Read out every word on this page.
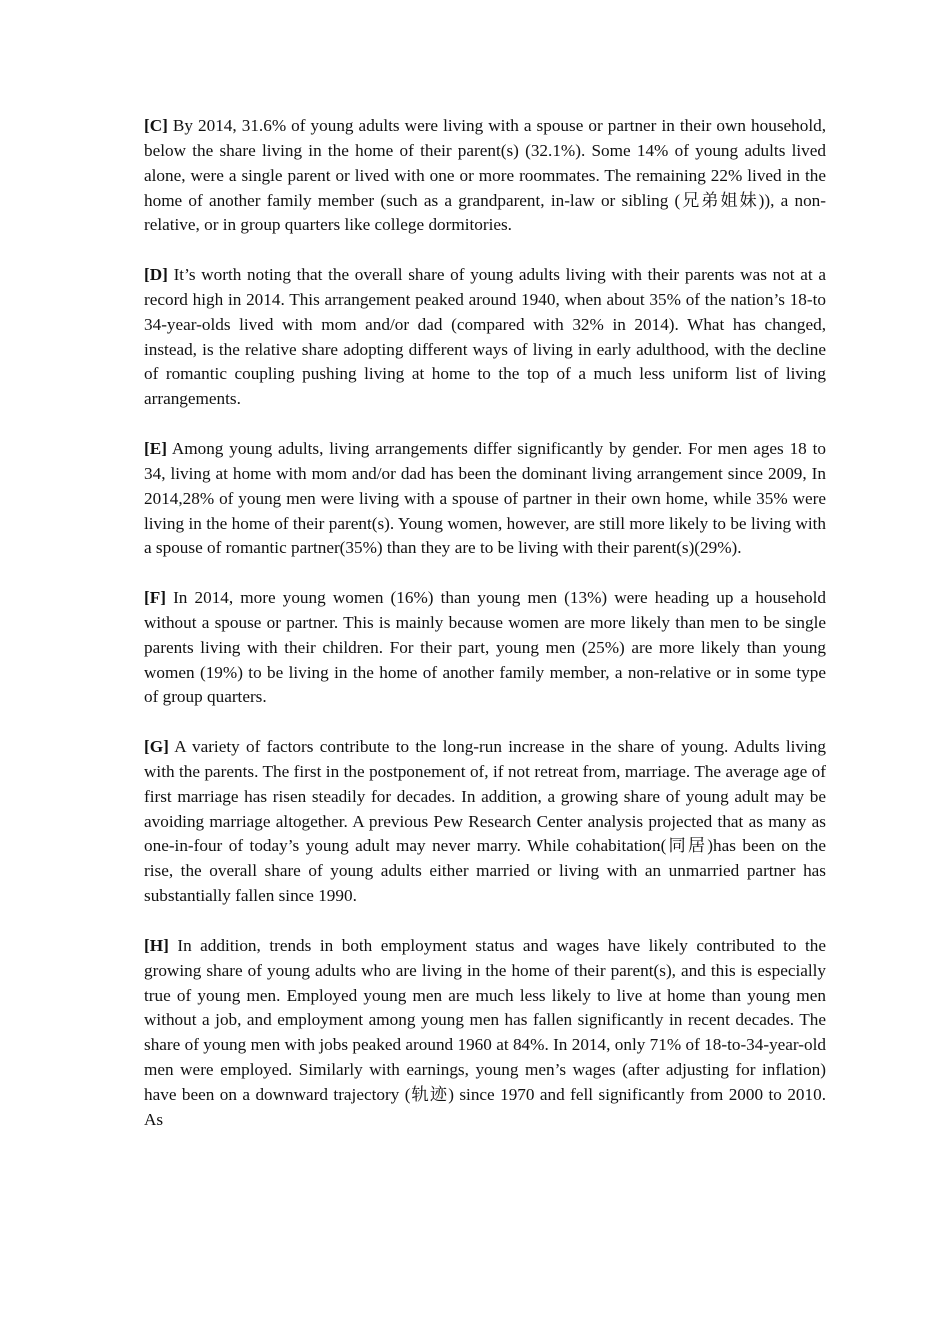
[C] By 2014, 31.6% of young adults were living with a spouse or partner in their own household, below the share living in the home of their parent(s) (32.1%). Some 14% of young adults lived alone, were a single parent or lived with one or more roommates. The remaining 22% lived in the home of another family member (such as a grandparent, in-law or sibling (兄弟姐妹)), a non-relative, or in group quarters like college dormitories.

[D] It’s worth noting that the overall share of young adults living with their parents was not at a record high in 2014. This arrangement peaked around 1940, when about 35% of the nation’s 18-to 34-year-olds lived with mom and/or dad (compared with 32% in 2014). What has changed, instead, is the relative share adopting different ways of living in early adulthood, with the decline of romantic coupling pushing living at home to the top of a much less uniform list of living arrangements.

[E] Among young adults, living arrangements differ significantly by gender. For men ages 18 to 34, living at home with mom and/or dad has been the dominant living arrangement since 2009, In 2014,28% of young men were living with a spouse of partner in their own home, while 35% were living in the home of their parent(s). Young women, however, are still more likely to be living with a spouse of romantic partner(35%) than they are to be living with their parent(s)(29%).

[F] In 2014, more young women (16%) than young men (13%) were heading up a household without a spouse or partner. This is mainly because women are more likely than men to be single parents living with their children. For their part, young men (25%) are more likely than young women (19%) to be living in the home of another family member, a non-relative or in some type of group quarters.

[G] A variety of factors contribute to the long-run increase in the share of young. Adults living with the parents. The first in the postponement of, if not retreat from, marriage. The average age of first marriage has risen steadily for decades. In addition, a growing share of young adult may be avoiding marriage altogether. A previous Pew Research Center analysis projected that as many as one-in-four of today’s young adult may never marry. While cohabitation(同居)has been on the rise, the overall share of young adults either married or living with an unmarried partner has substantially fallen since 1990.

[H] In addition, trends in both employment status and wages have likely contributed to the growing share of young adults who are living in the home of their parent(s), and this is especially true of young men. Employed young men are much less likely to live at home than young men without a job, and employment among young men has fallen significantly in recent decades. The share of young men with jobs peaked around 1960 at 84%. In 2014, only 71% of 18-to-34-year-old men were employed. Similarly with earnings, young men’s wages (after adjusting for inflation) have been on a downward trajectory (轨迹) since 1970 and fell significantly from 2000 to 2010. As
